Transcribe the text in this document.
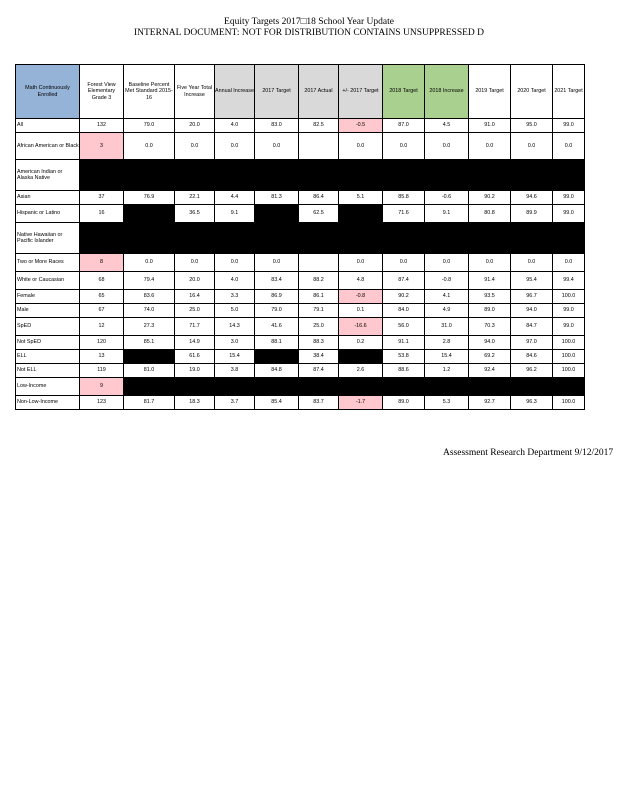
Equity Targets 2017□18 School Year Update
INTERNAL DOCUMENT: NOT FOR DISTRIBUTION CONTAINS UNSUPPRESSED D
Math Continuously Enrolled	Forest View Elementary Grade 3	Baseline Percent Met Standard 2015-16	Five Year Total Increase	Annual Increase	2017 Target	2017 Actual	+/- 2017 Target	2018 Target	2018 Increase	2019 Target	2020 Target	2021 Target
All	132	79.0	20.0	4.0	83.0	82.5	-0.5	87.0	4.5	91.0	95.0	99.0
African American or Black	3	0.0	0.0	0.0	0.0		0.0	0.0	0.0	0.0	0.0	0.0
American Indian or Alaska Native												
Asian	37	76.9	22.1	4.4	81.3	86.4	5.1	85.8	-0.6	90.2	94.6	99.0
Hispanic or Latino	16		36.5	9.1		62.5		71.6	9.1	80.8	89.9	99.0
Native Hawaiian or Pacific Islander												
Two or More Races	8	0.0	0.0	0.0	0.0		0.0	0.0	0.0	0.0	0.0	0.0
White or Caucasian	68	79.4	20.0	4.0	83.4	88.2	4.8	87.4	-0.8	91.4	95.4	99.4
Female	65	83.6	16.4	3.3	86.9	86.1	-0.8	90.2	4.1	93.5	96.7	100.0
Male	67	74.0	25.0	5.0	79.0	79.1	0.1	84.0	4.9	89.0	94.0	99.0
SpED	12	27.3	71.7	14.3	41.6	25.0	-16.6	56.0	31.0	70.3	84.7	99.0
Not SpED	120	85.1	14.9	3.0	88.1	88.3	0.2	91.1	2.8	94.0	97.0	100.0
ELL	13		61.6	15.4		38.4		53.8	15.4	69.2	84.6	100.0
Not ELL	119	81.0	19.0	3.8	84.8	87.4	2.6	88.6	1.2	92.4	96.2	100.0
Low-Income	9											
Non-Low-Income	123	81.7	18.3	3.7	85.4	83.7	-1.7	89.0	5.3	92.7	96.3	100.0
Assessment Research Department 9/12/2017
